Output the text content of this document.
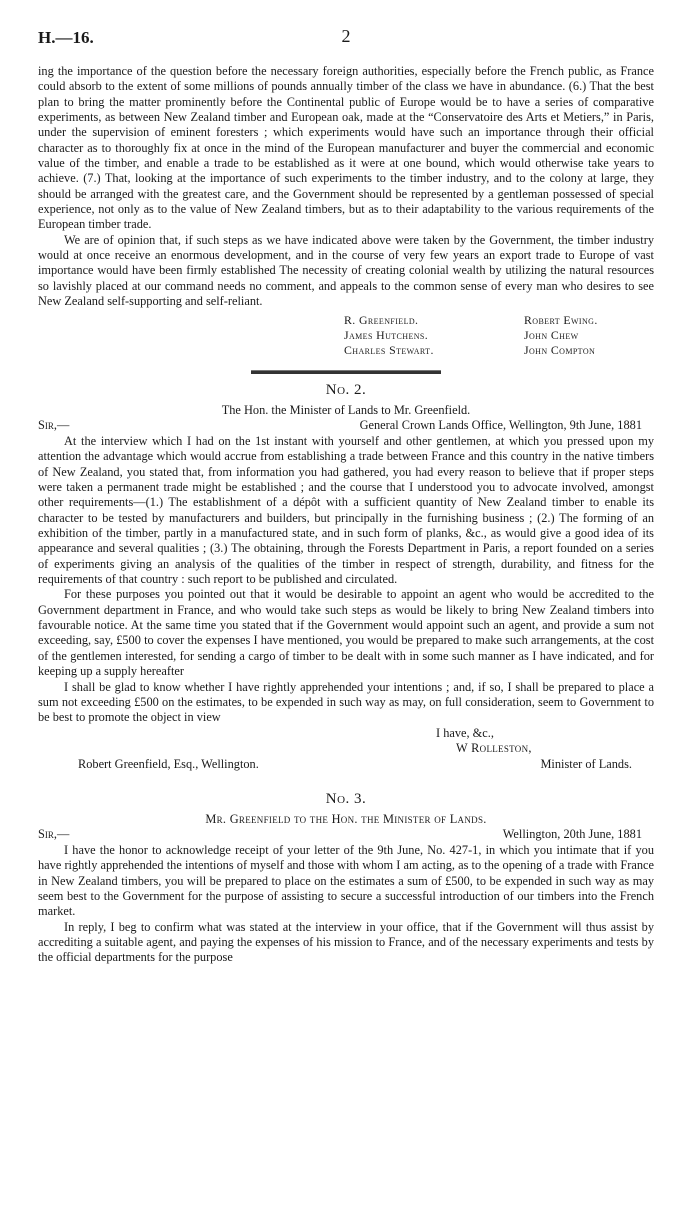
H.—16.	2

ing the importance of the question before the necessary foreign authorities, especially before the French public, as France could absorb to the extent of some millions of pounds annually timber of the class we have in abundance. (6.) That the best plan to bring the matter prominently before the Continental public of Europe would be to have a series of comparative experiments, as between New Zealand timber and European oak, made at the “Conservatoire des Arts et Metiers,” in Paris, under the supervision of eminent foresters ; which experiments would have such an importance through their official character as to thoroughly fix at once in the mind of the European manufacturer and buyer the commercial and economic value of the timber, and enable a trade to be established as it were at one bound, which would otherwise take years to achieve. (7.) That, looking at the importance of such experiments to the timber industry, and to the colony at large, they should be arranged with the greatest care, and the Government should be represented by a gentleman possessed of special experience, not only as to the value of New Zealand timbers, but as to their adaptability to the various requirements of the European timber trade.

We are of opinion that, if such steps as we have indicated above were taken by the Government, the timber industry would at once receive an enormous development, and in the course of very few years an export trade to Europe of vast importance would have been firmly established The necessity of creating colonial wealth by utilizing the natural resources so lavishly placed at our command needs no comment, and appeals to the common sense of every man who desires to see New Zealand self-supporting and self-reliant.

R. Greenfield.	Robert Ewing.
James Hutchens.	John Chew
Charles Stewart.	John Compton
No. 2.
The Hon. the Minister of Lands to Mr. Greenfield.
Sir,—	General Crown Lands Office, Wellington, 9th June, 1881

At the interview which I had on the 1st instant with yourself and other gentlemen, at which you pressed upon my attention the advantage which would accrue from establishing a trade between France and this country in the native timbers of New Zealand, you stated that, from information you had gathered, you had every reason to believe that if proper steps were taken a permanent trade might be established ; and the course that I understood you to advocate involved, amongst other requirements—(1.) The establishment of a dépôt with a sufficient quantity of New Zealand timber to enable its character to be tested by manufacturers and builders, but principally in the furnishing business ; (2.) The forming of an exhibition of the timber, partly in a manufactured state, and in such form of planks, &c., as would give a good idea of its appearance and several qualities ; (3.) The obtaining, through the Forests Department in Paris, a report founded on a series of experiments giving an analysis of the qualities of the timber in respect of strength, durability, and fitness for the requirements of that country : such report to be published and circulated.

For these purposes you pointed out that it would be desirable to appoint an agent who would be accredited to the Government department in France, and who would take such steps as would be likely to bring New Zealand timbers into favourable notice. At the same time you stated that if the Government would appoint such an agent, and provide a sum not exceeding, say, £500 to cover the expenses I have mentioned, you would be prepared to make such arrangements, at the cost of the gentlemen interested, for sending a cargo of timber to be dealt with in some such manner as I have indicated, and for keeping up a supply hereafter

I shall be glad to know whether I have rightly apprehended your intentions ; and, if so, I shall be prepared to place a sum not exceeding £500 on the estimates, to be expended in such way as may, on full consideration, seem to Government to be best to promote the object in view

I have, &c.,
W Rolleston,
Robert Greenfield, Esq., Wellington.	Minister of Lands.
No. 3.
Mr. Greenfield to the Hon. the Minister of Lands.
Sir,—	Wellington, 20th June, 1881

I have the honor to acknowledge receipt of your letter of the 9th June, No. 427-1, in which you intimate that if you have rightly apprehended the intentions of myself and those with whom I am acting, as to the opening of a trade with France in New Zealand timbers, you will be prepared to place on the estimates a sum of £500, to be expended in such way as may seem best to the Government for the purpose of assisting to secure a successful introduction of our timbers into the French market.

In reply, I beg to confirm what was stated at the interview in your office, that if the Government will thus assist by accrediting a suitable agent, and paying the expenses of his mission to France, and of the necessary experiments and tests by the official departments for the purpose
